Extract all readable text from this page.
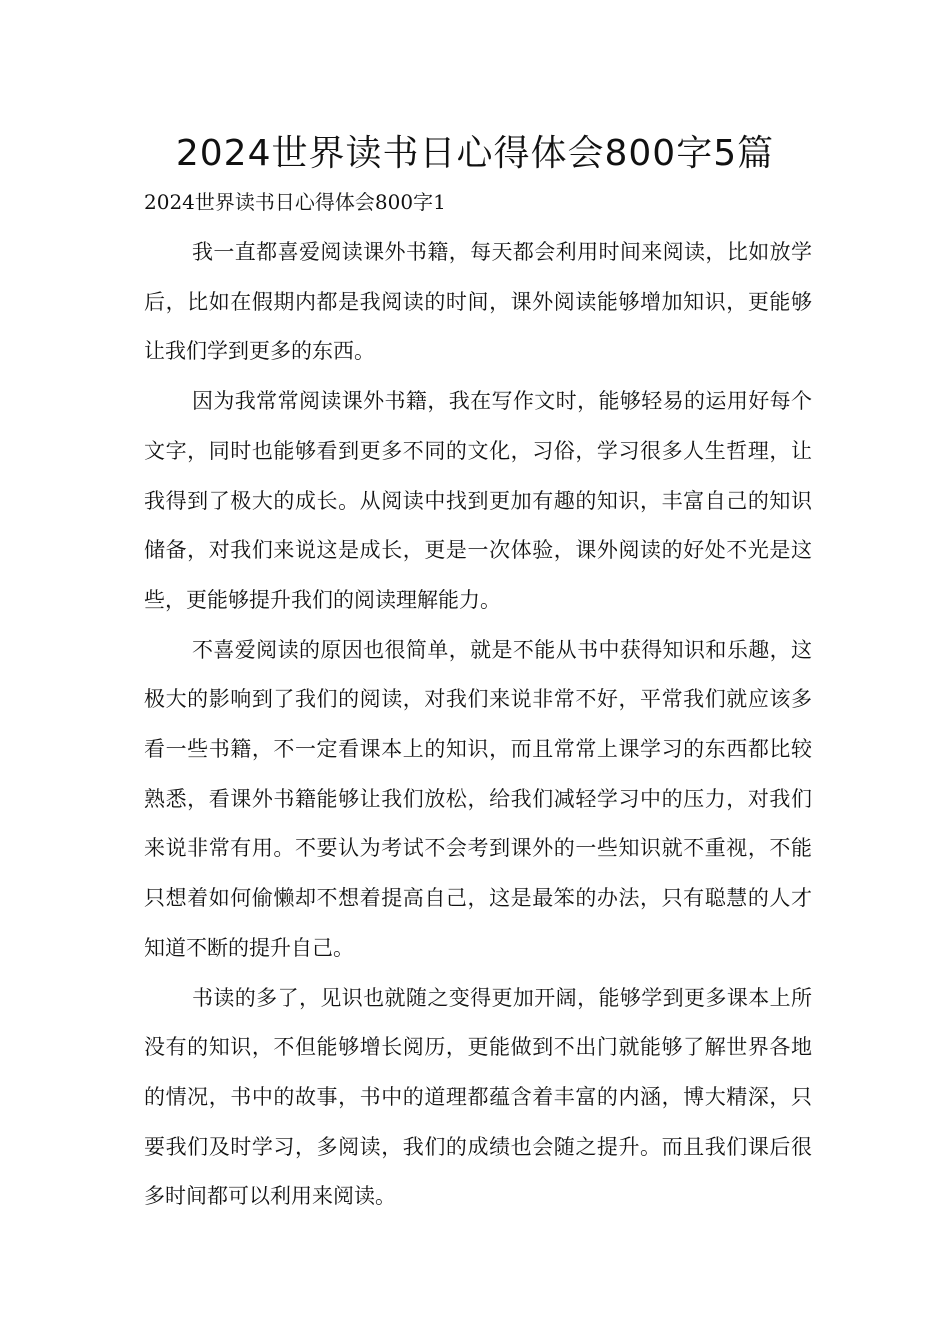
2024世界读书日心得体会800字5篇
2024世界读书日心得体会800字1

我一直都喜爱阅读课外书籍，每天都会利用时间来阅读，比如放学后，比如在假期内都是我阅读的时间，课外阅读能够增加知识，更能够让我们学到更多的东西。

因为我常常阅读课外书籍，我在写作文时，能够轻易的运用好每个文字，同时也能够看到更多不同的文化，习俗，学习很多人生哲理，让我得到了极大的成长。从阅读中找到更加有趣的知识，丰富自己的知识储备，对我们来说这是成长，更是一次体验，课外阅读的好处不光是这些，更能够提升我们的阅读理解能力。

不喜爱阅读的原因也很简单，就是不能从书中获得知识和乐趣，这极大的影响到了我们的阅读，对我们来说非常不好，平常我们就应该多看一些书籍，不一定看课本上的知识，而且常常上课学习的东西都比较熟悉，看课外书籍能够让我们放松，给我们减轻学习中的压力，对我们来说非常有用。不要认为考试不会考到课外的一些知识就不重视，不能只想着如何偷懒却不想着提高自己，这是最笨的办法，只有聪慧的人才知道不断的提升自己。

书读的多了，见识也就随之变得更加开阔，能够学到更多课本上所没有的知识，不但能够增长阅历，更能做到不出门就能够了解世界各地的情况，书中的故事，书中的道理都蕴含着丰富的内涵，博大精深，只要我们及时学习，多阅读，我们的成绩也会随之提升。而且我们课后很多时间都可以利用来阅读。
